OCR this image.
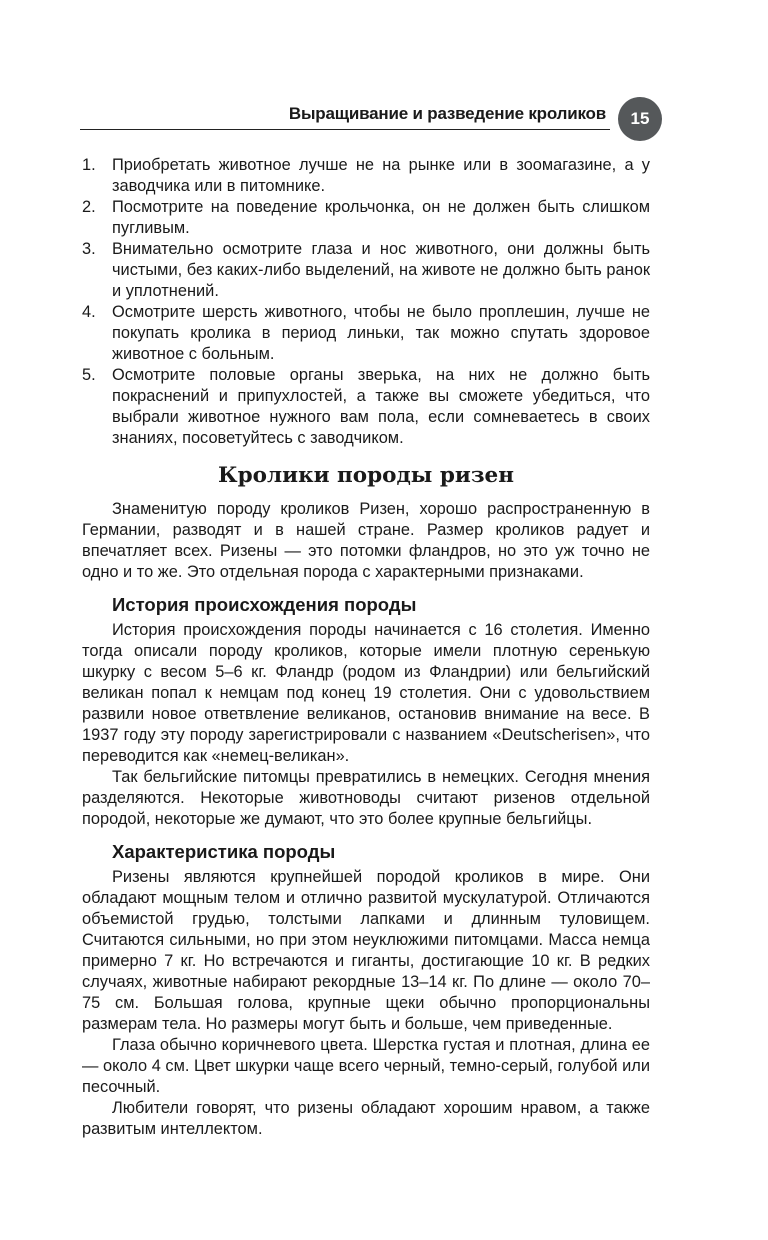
Выращивание и разведение кроликов	15
1. Приобретать животное лучше не на рынке или в зоомагазине, а у заводчика или в питомнике.
2. Посмотрите на поведение крольчонка, он не должен быть слишком пугливым.
3. Внимательно осмотрите глаза и нос животного, они должны быть чистыми, без каких-либо выделений, на животе не должно быть ранок и уплотнений.
4. Осмотрите шерсть животного, чтобы не было проплешин, лучше не покупать кролика в период линьки, так можно спутать здоровое животное с больным.
5. Осмотрите половые органы зверька, на них не должно быть покраснений и припухлостей, а также вы сможете убедиться, что выбрали животное нужного вам пола, если сомневаетесь в своих знаниях, посоветуйтесь с заводчиком.
Кролики породы ризен

Знаменитую породу кроликов Ризен, хорошо распространенную в Германии, разводят и в нашей стране. Размер кроликов радует и впечатляет всех. Ризены — это потомки фландров, но это уж точно не одно и то же. Это отдельная порода с характерными признаками.

История происхождения породы

История происхождения породы начинается с 16 столетия. Именно тогда описали породу кроликов, которые имели плотную серенькую шкурку с весом 5–6 кг. Фландр (родом из Фландрии) или бельгийский великан попал к немцам под конец 19 столетия. Они с удовольствием развили новое ответвление великанов, остановив внимание на весе. В 1937 году эту породу зарегистрировали с названием «Deutscherisen», что переводится как «немец-великан».

Так бельгийские питомцы превратились в немецких. Сегодня мнения разделяются. Некоторые животноводы считают ризенов отдельной породой, некоторые же думают, что это более крупные бельгийцы.

Характеристика породы

Ризены являются крупнейшей породой кроликов в мире. Они обладают мощным телом и отлично развитой мускулатурой. Отличаются объемистой грудью, толстыми лапками и длинным туловищем. Считаются сильными, но при этом неуклюжими питомцами. Масса немца примерно 7 кг. Но встречаются и гиганты, достигающие 10 кг. В редких случаях, животные набирают рекордные 13–14 кг. По длине — около 70–75 см. Большая голова, крупные щеки обычно пропорциональны размерам тела. Но размеры могут быть и больше, чем приведенные.

Глаза обычно коричневого цвета. Шерстка густая и плотная, длина ее — около 4 см. Цвет шкурки чаще всего черный, темно-серый, голубой или песочный.

Любители говорят, что ризены обладают хорошим нравом, а также развитым интеллектом.
